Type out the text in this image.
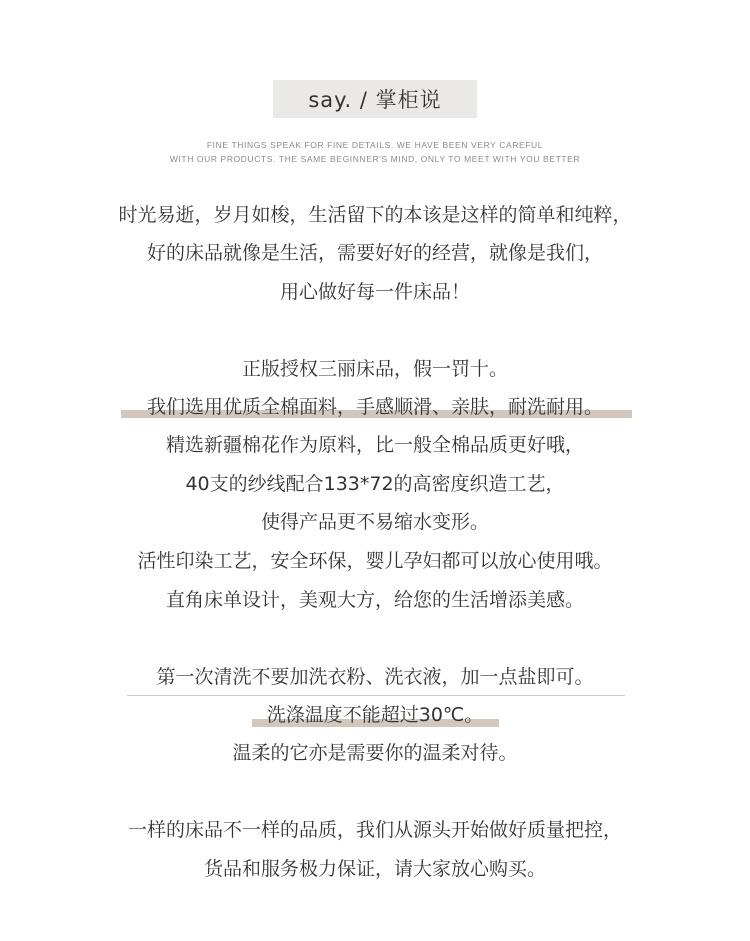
say. / 掌柜说
FINE THINGS SPEAK FOR FINE DETAILS. WE HAVE BEEN VERY CAREFUL
WITH OUR PRODUCTS. THE SAME BEGINNER'S MIND, ONLY TO MEET WITH YOU BETTER
时光易逝，岁月如梭，生活留下的本该是这样的简单和纯粹，
好的床品就像是生活，需要好好的经营，就像是我们，
用心做好每一件床品！
正版授权三丽床品，假一罚十。
我们选用优质全棉面料，手感顺滑、亲肤，耐洗耐用。
精选新疆棉花作为原料，比一般全棉品质更好哦，
40支的纱线配合133*72的高密度织造工艺，
使得产品更不易缩水变形。
活性印染工艺，安全环保，婴儿孕妇都可以放心使用哦。
直角床单设计，美观大方，给您的生活增添美感。
第一次清洗不要加洗衣粉、洗衣液，加一点盐即可。
洗涤温度不能超过30℃。
温柔的它亦是需要你的温柔对待。
一样的床品不一样的品质，我们从源头开始做好质量把控，
货品和服务极力保证，请大家放心购买。
